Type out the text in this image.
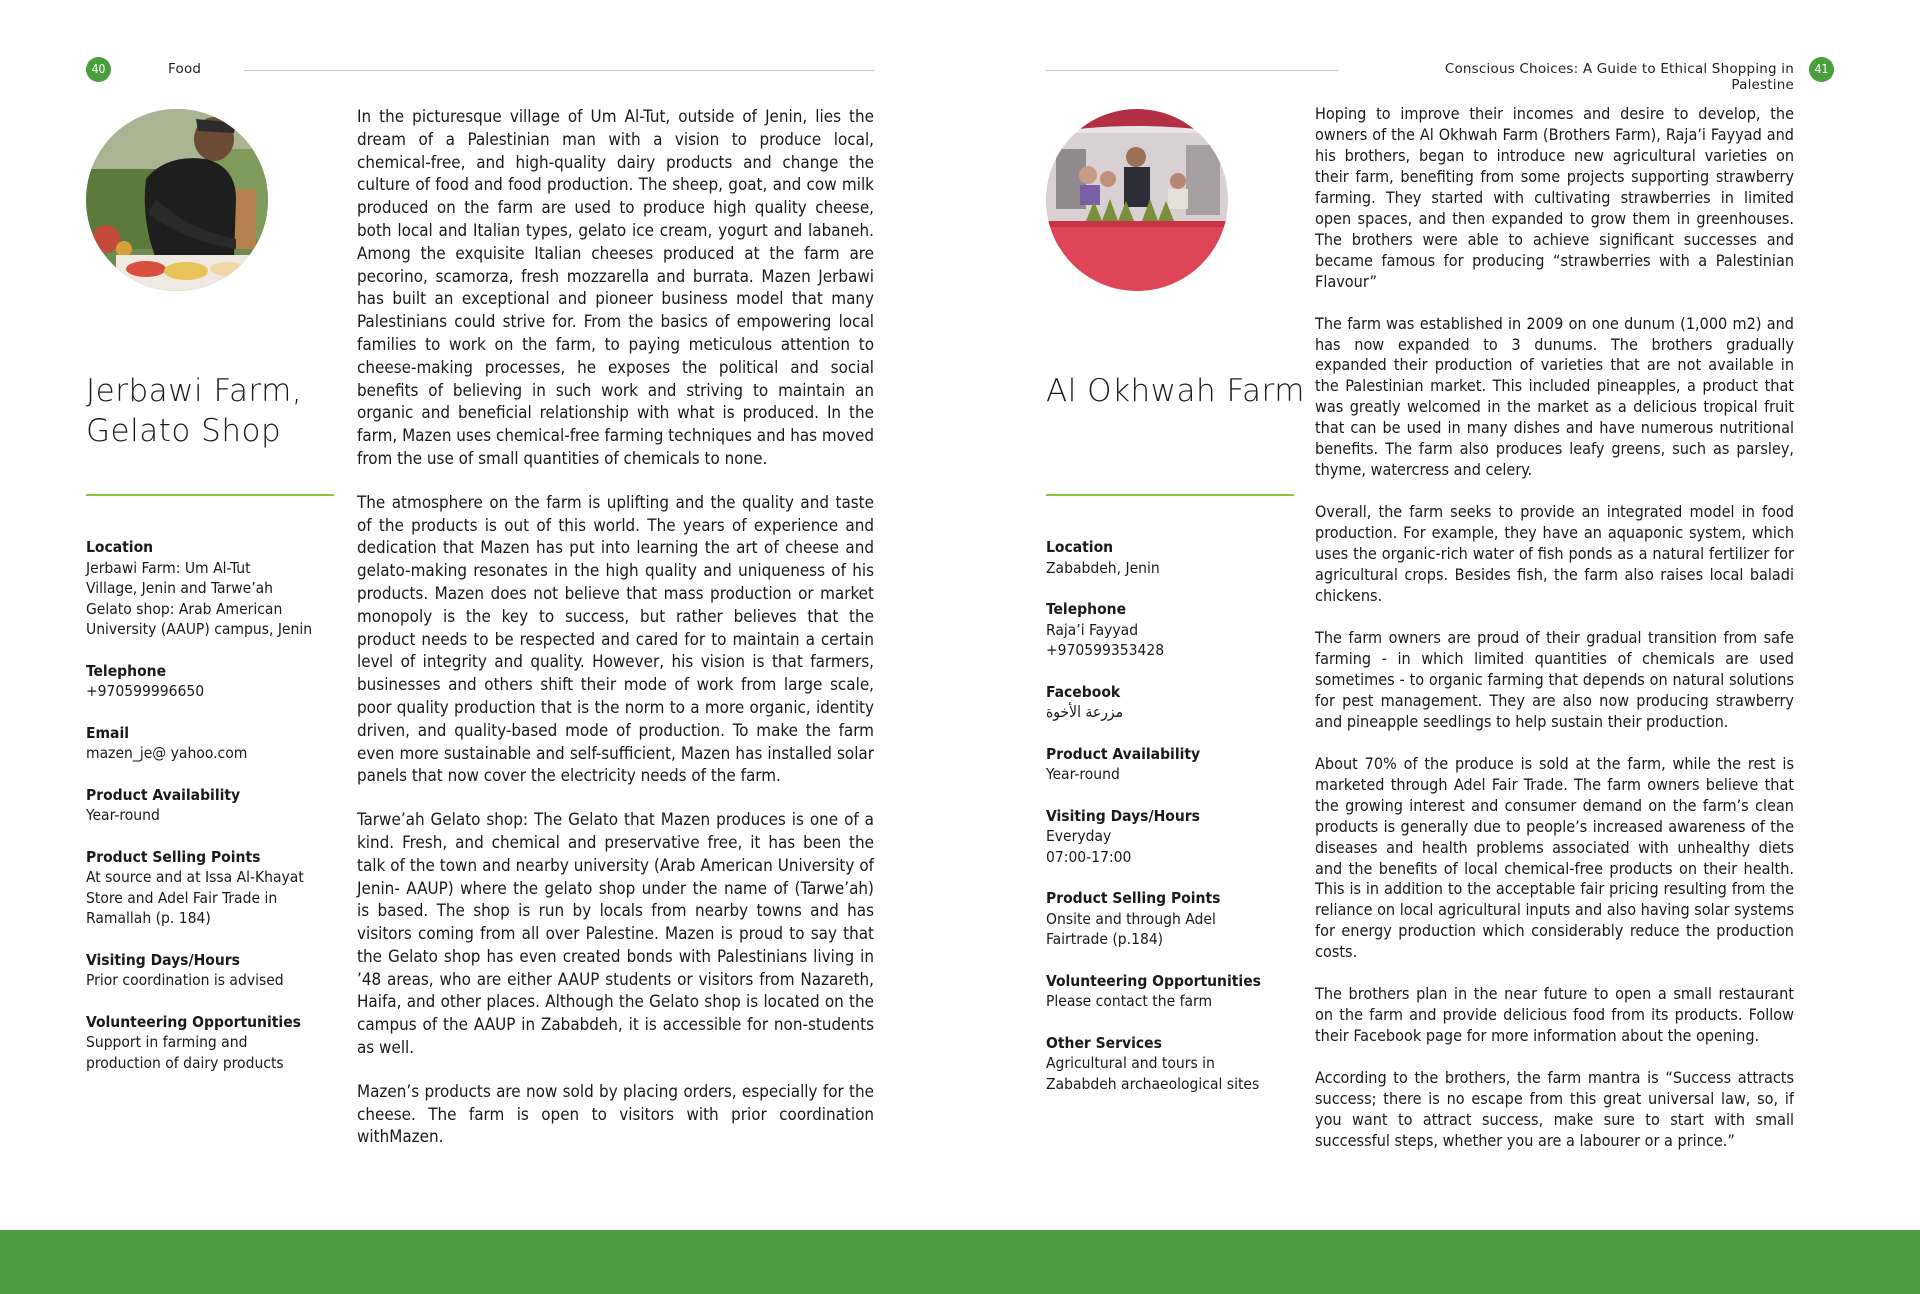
40	Food
Jerbawi Farm,
Gelato Shop
Location
Jerbawi Farm: Um Al-Tut
Village, Jenin and Tarwe’ah
Gelato shop: Arab American
University (AAUP) campus, Jenin
Telephone
+970599996650
Email
mazen_je@ yahoo.com
Product Availability
Year-round
Product Selling Points
At source and at Issa Al-Khayat
Store and Adel Fair Trade in
Ramallah (p. 184)
Visiting Days/Hours
Prior coordination is advised
Volunteering Opportunities
Support in farming and
production of dairy products

In the picturesque village of Um Al-Tut, outside of Jenin, lies the dream of a Palestinian man with a vision to produce local, chemical-free, and high-quality dairy products and change the culture of food and food production. The sheep, goat, and cow milk produced on the farm are used to produce high quality cheese, both local and Italian types, gelato ice cream, yogurt and labaneh. Among the exquisite Italian cheeses produced at the farm are pecorino, scamorza, fresh mozzarella and burrata. Mazen Jerbawi has built an exceptional and pioneer business model that many Palestinians could strive for. From the basics of empowering local families to work on the farm, to paying meticulous attention to cheese-making processes, he exposes the political and social benefits of believing in such work and striving to maintain an organic and beneficial relationship with what is produced. In the farm, Mazen uses chemical-free farming techniques and has moved from the use of small quantities of chemicals to none.

The atmosphere on the farm is uplifting and the quality and taste of the products is out of this world. The years of experience and dedication that Mazen has put into learning the art of cheese and gelato-making resonates in the high quality and uniqueness of his products. Mazen does not believe that mass production or market monopoly is the key to success, but rather believes that the product needs to be respected and cared for to maintain a certain level of integrity and quality. However, his vision is that farmers, businesses and others shift their mode of work from large scale, poor quality production that is the norm to a more organic, identity driven, and quality-based mode of production. To make the farm even more sustainable and self-sufficient, Mazen has installed solar panels that now cover the electricity needs of the farm.

Tarwe’ah Gelato shop: The Gelato that Mazen produces is one of a kind. Fresh, and chemical and preservative free, it has been the talk of the town and nearby university (Arab American University of Jenin- AAUP) where the gelato shop under the name of (Tarwe’ah) is based. The shop is run by locals from nearby towns and has visitors coming from all over Palestine. Mazen is proud to say that the Gelato shop has even created bonds with Palestinians living in ’48 areas, who are either AAUP students or visitors from Nazareth, Haifa, and other places. Although the Gelato shop is located on the campus of the AAUP in Zababdeh, it is accessible for non-students as well.

Mazen’s products are now sold by placing orders, especially for the cheese. The farm is open to visitors with prior coordination withMazen.

Conscious Choices: A Guide to Ethical Shopping in Palestine
41
Al Okhwah Farm
Location
Zababdeh, Jenin
Telephone
Raja’i Fayyad
+970599353428
Facebook
مزرعة الأخوة
Product Availability
Year-round
Visiting Days/Hours
Everyday
07:00-17:00
Product Selling Points
Onsite and through Adel
Fairtrade (p.184)
Volunteering Opportunities
Please contact the farm
Other Services
Agricultural and tours in
Zababdeh archaeological sites

Hoping to improve their incomes and desire to develop, the owners of the Al Okhwah Farm (Brothers Farm), Raja’i Fayyad and his brothers, began to introduce new agricultural varieties on their farm, benefiting from some projects supporting strawberry farming. They started with cultivating strawberries in limited open spaces, and then expanded to grow them in greenhouses. The brothers were able to achieve significant successes and became famous for producing “strawberries with a Palestinian Flavour”

The farm was established in 2009 on one dunum (1,000 m2) and has now expanded to 3 dunums. The brothers gradually expanded their production of varieties that are not available in the Palestinian market. This included pineapples, a product that was greatly welcomed in the market as a delicious tropical fruit that can be used in many dishes and have numerous nutritional benefits. The farm also produces leafy greens, such as parsley, thyme, watercress and celery.

Overall, the farm seeks to provide an integrated model in food production. For example, they have an aquaponic system, which uses the organic-rich water of fish ponds as a natural fertilizer for agricultural crops. Besides fish, the farm also raises local baladi chickens.

The farm owners are proud of their gradual transition from safe farming - in which limited quantities of chemicals are used sometimes - to organic farming that depends on natural solutions for pest management. They are also now producing strawberry and pineapple seedlings to help sustain their production.

About 70% of the produce is sold at the farm, while the rest is marketed through Adel Fair Trade. The farm owners believe that the growing interest and consumer demand on the farm’s clean products is generally due to people’s increased awareness of the diseases and health problems associated with unhealthy diets and the benefits of local chemical-free products on their health. This is in addition to the acceptable fair pricing resulting from the reliance on local agricultural inputs and also having solar systems for energy production which considerably reduce the production costs.

The brothers plan in the near future to open a small restaurant on the farm and provide delicious food from its products. Follow their Facebook page for more information about the opening.

According to the brothers, the farm mantra is “Success attracts success; there is no escape from this great universal law, so, if you want to attract success, make sure to start with small successful steps, whether you are a labourer or a prince.”
